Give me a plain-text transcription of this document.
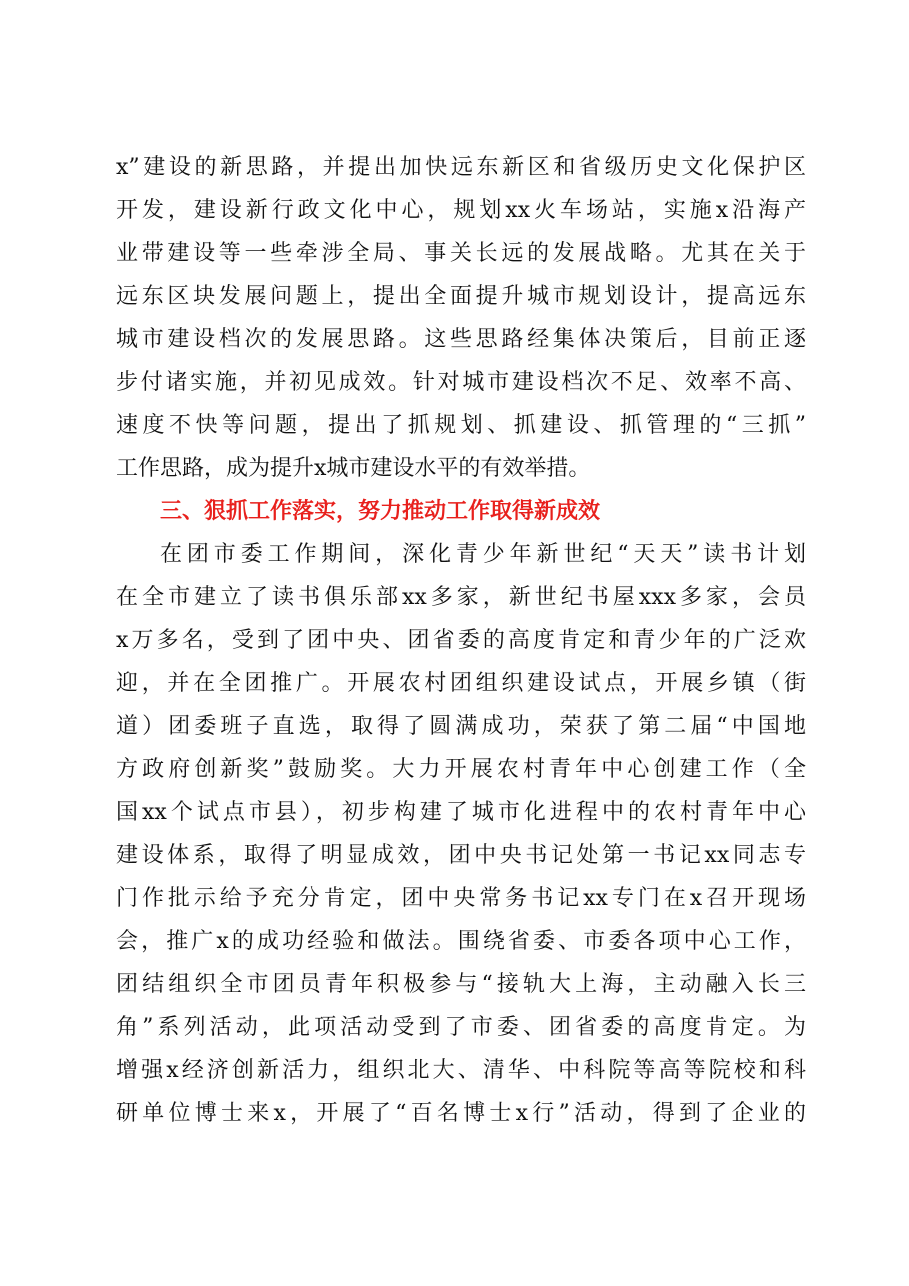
x”建设的新思路，并提出加快远东新区和省级历史文化保护区
开发，建设新行政文化中心，规划xx火车场站，实施x沿海产
业带建设等一些牵涉全局、事关长远的发展战略。尤其在关于
远东区块发展问题上，提出全面提升城市规划设计，提高远东
城市建设档次的发展思路。这些思路经集体决策后，目前正逐
步付诸实施，并初见成效。针对城市建设档次不足、效率不高、
速度不快等问题，提出了抓规划、抓建设、抓管理的“三抓”
工作思路，成为提升x城市建设水平的有效举措。
三、狠抓工作落实，努力推动工作取得新成效
在团市委工作期间，深化青少年新世纪“天天”读书计划
在全市建立了读书俱乐部xx多家，新世纪书屋xxx多家，会员
x万多名，受到了团中央、团省委的高度肯定和青少年的广泛欢
迎，并在全团推广。开展农村团组织建设试点，开展乡镇（街
道）团委班子直选，取得了圆满成功，荣获了第二届“中国地
方政府创新奖”鼓励奖。大力开展农村青年中心创建工作（全
国xx个试点市县），初步构建了城市化进程中的农村青年中心
建设体系，取得了明显成效，团中央书记处第一书记xx同志专
门作批示给予充分肯定，团中央常务书记xx专门在x召开现场
会，推广x的成功经验和做法。围绕省委、市委各项中心工作，
团结组织全市团员青年积极参与“接轨大上海，主动融入长三
角”系列活动，此项活动受到了市委、团省委的高度肯定。为
增强x经济创新活力，组织北大、清华、中科院等高等院校和科
研单位博士来x，开展了“百名博士x行”活动，得到了企业的
